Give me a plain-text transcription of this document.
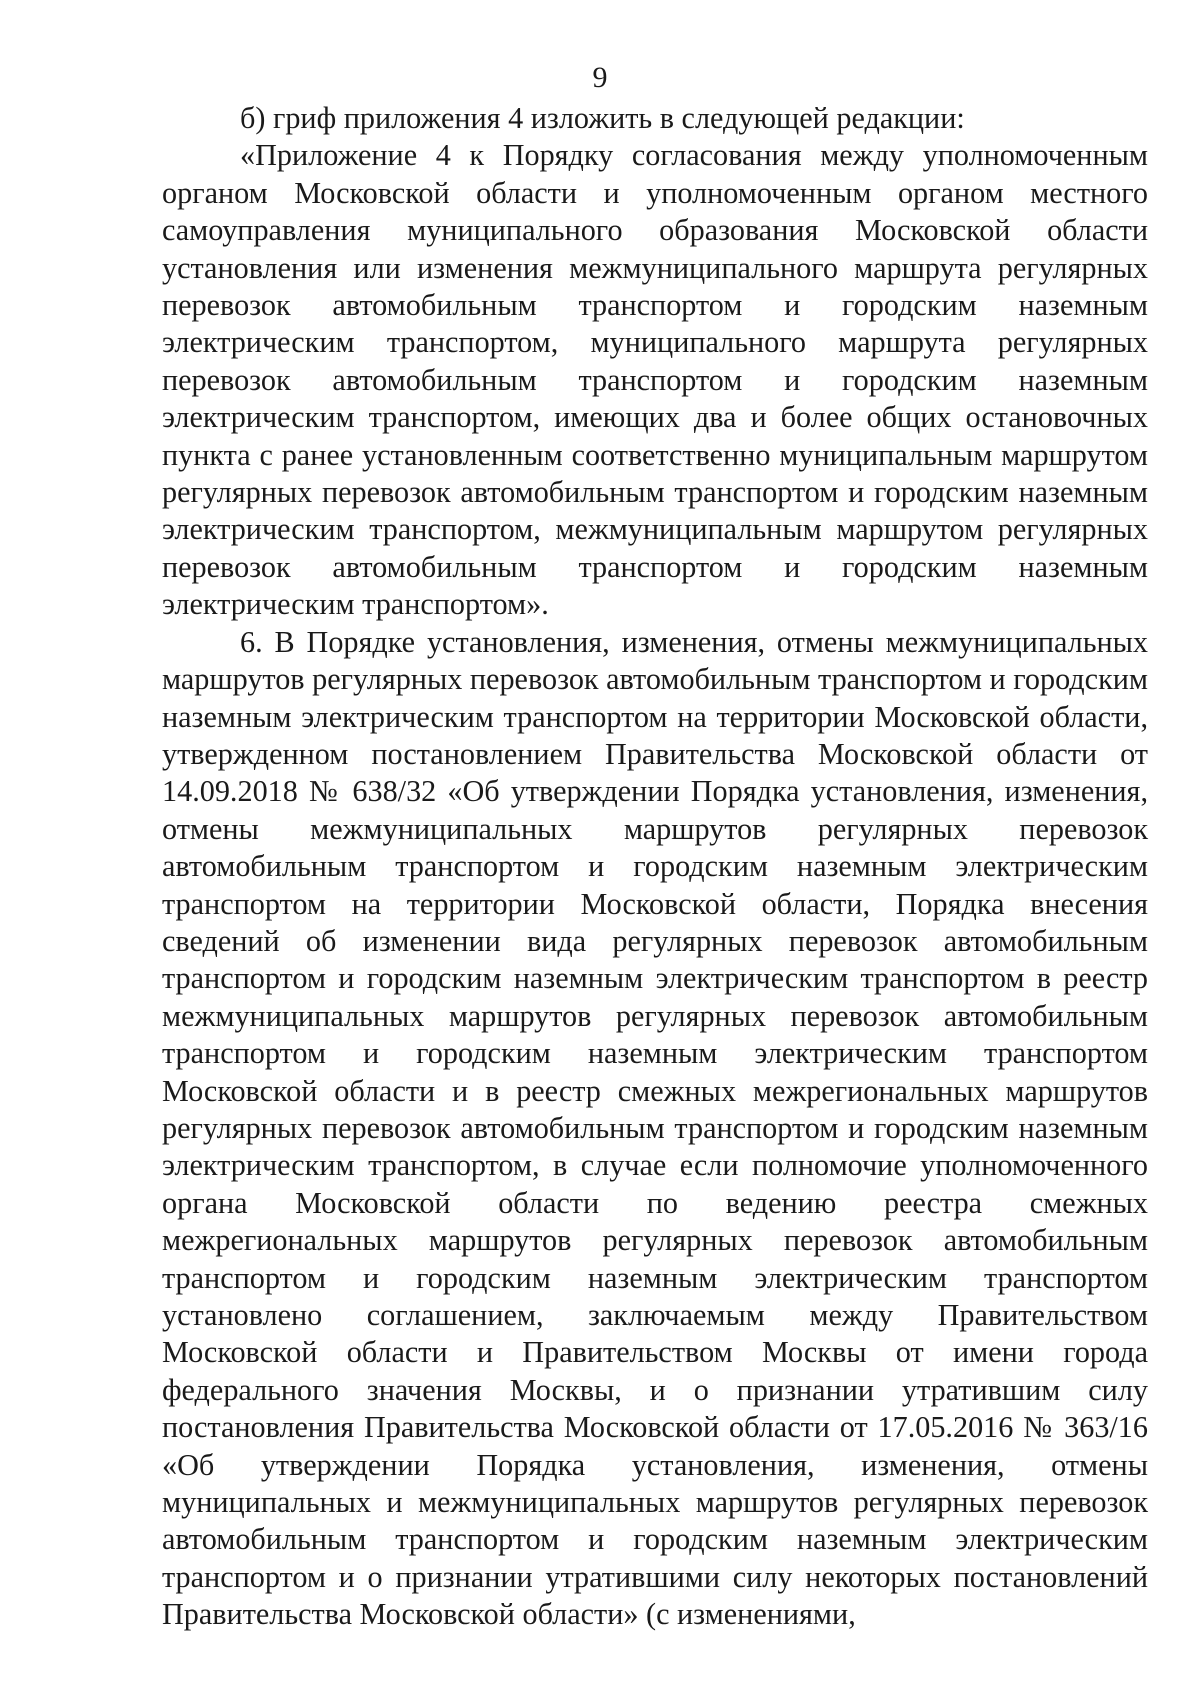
9

б) гриф приложения 4 изложить в следующей редакции:

«Приложение 4 к Порядку согласования между уполномоченным органом Московской области и уполномоченным органом местного самоуправления муниципального образования Московской области установления или изменения межмуниципального маршрута регулярных перевозок автомобильным транспортом и городским наземным электрическим транспортом, муниципального маршрута регулярных перевозок автомобильным транспортом и городским наземным электрическим транспортом, имеющих два и более общих остановочных пункта с ранее установленным соответственно муниципальным маршрутом регулярных перевозок автомобильным транспортом и городским наземным электрическим транспортом, межмуниципальным маршрутом регулярных перевозок автомобильным транспортом и городским наземным электрическим транспортом».

6. В Порядке установления, изменения, отмены межмуниципальных маршрутов регулярных перевозок автомобильным транспортом и городским наземным электрическим транспортом на территории Московской области, утвержденном постановлением Правительства Московской области от 14.09.2018 № 638/32 «Об утверждении Порядка установления, изменения, отмены межмуниципальных маршрутов регулярных перевозок автомобильным транспортом и городским наземным электрическим транспортом на территории Московской области, Порядка внесения сведений об изменении вида регулярных перевозок автомобильным транспортом и городским наземным электрическим транспортом в реестр межмуниципальных маршрутов регулярных перевозок автомобильным транспортом и городским наземным электрическим транспортом Московской области и в реестр смежных межрегиональных маршрутов регулярных перевозок автомобильным транспортом и городским наземным электрическим транспортом, в случае если полномочие уполномоченного органа Московской области по ведению реестра смежных межрегиональных маршрутов регулярных перевозок автомобильным транспортом и городским наземным электрическим транспортом установлено соглашением, заключаемым между Правительством Московской области и Правительством Москвы от имени города федерального значения Москвы, и о признании утратившим силу постановления Правительства Московской области от 17.05.2016 № 363/16 «Об утверждении Порядка установления, изменения, отмены муниципальных и межмуниципальных маршрутов регулярных перевозок автомобильным транспортом и городским наземным электрическим транспортом и о признании утратившими силу некоторых постановлений Правительства Московской области» (с изменениями,
